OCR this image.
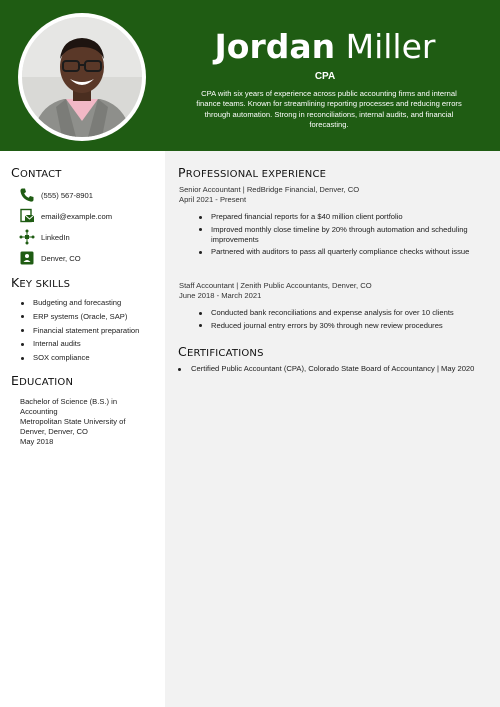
Jordan Miller
CPA
CPA with six years of experience across public accounting firms and internal finance teams. Known for streamlining reporting processes and reducing errors through automation. Strong in reconciliations, internal audits, and financial forecasting.
CONTACT
(555) 567-8901
email@example.com
LinkedIn
Denver, CO
KEY SKILLS
Budgeting and forecasting
ERP systems (Oracle, SAP)
Financial statement preparation
Internal audits
SOX compliance
EDUCATION
Bachelor of Science (B.S.) in Accounting
Metropolitan State University of Denver, Denver, CO
May 2018
PROFESSIONAL EXPERIENCE
Senior Accountant | RedBridge Financial, Denver, CO
April 2021 - Present
Prepared financial reports for a $40 million client portfolio
Improved monthly close timeline by 20% through automation and scheduling improvements
Partnered with auditors to pass all quarterly compliance checks without issue
Staff Accountant | Zenith Public Accountants, Denver, CO
June 2018 - March 2021
Conducted bank reconciliations and expense analysis for over 10 clients
Reduced journal entry errors by 30% through new review procedures
CERTIFICATIONS
Certified Public Accountant (CPA), Colorado State Board of Accountancy | May 2020
